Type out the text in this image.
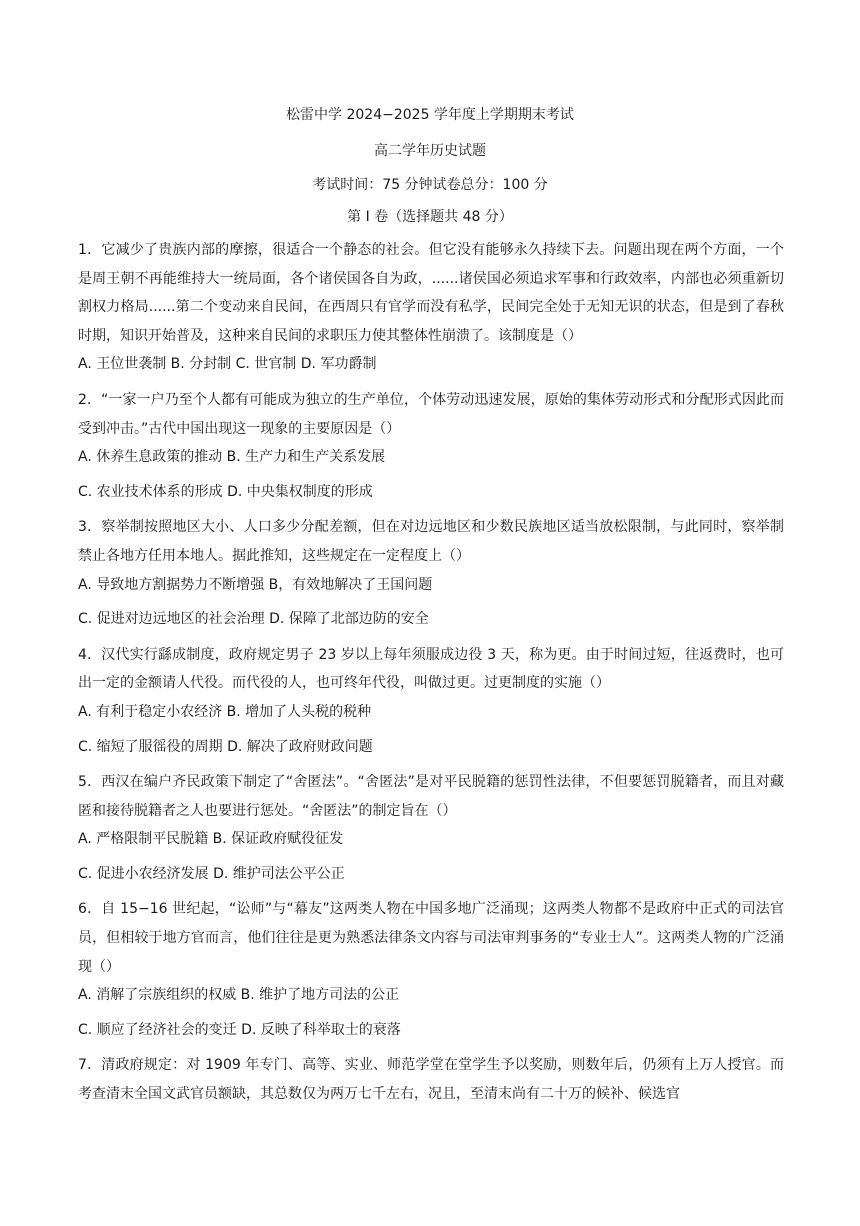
松雷中学 2024−2025 学年度上学期期末考试
高二学年历史试题
考试时间：75 分钟试卷总分：100 分
第 I 卷（选择题共 48 分）

1．它减少了贵族内部的摩擦，很适合一个静态的社会。但它没有能够永久持续下去。问题出现在两个方面，一个是周王朝不再能维持大一统局面，各个诸侯国各自为政，......诸侯国必须追求军事和行政效率，内部也必须重新切割权力格局......第二个变动来自民间，在西周只有官学而没有私学，民间完全处于无知无识的状态，但是到了春秋时期，知识开始普及，这种来自民间的求职压力使其整体性崩溃了。该制度是（）

A. 王位世袭制 B. 分封制 C. 世官制 D. 军功爵制

2．“一家一户乃至个人都有可能成为独立的生产单位，个体劳动迅速发展，原始的集体劳动形式和分配形式因此而受到冲击。”古代中国出现这一现象的主要原因是（）

A. 休养生息政策的推动 B. 生产力和生产关系发展

C. 农业技术体系的形成 D. 中央集权制度的形成

3．察举制按照地区大小、人口多少分配差额，但在对边远地区和少数民族地区适当放松限制，与此同时，察举制禁止各地方任用本地人。据此推知，这些规定在一定程度上（）

A. 导致地方割据势力不断增强 B，有效地解决了王国问题

C. 促进对边远地区的社会治理 D. 保障了北部边防的安全

4．汉代实行繇成制度，政府规定男子 23 岁以上每年须服成边役 3 天，称为更。由于时间过短，往返费时，也可出一定的金额请人代役。而代役的人，也可终年代役，叫做过更。过更制度的实施（）

A. 有利于稳定小农经济 B. 增加了人头税的税种

C. 缩短了服徭役的周期 D. 解决了政府财政问题

5．西汉在编户齐民政策下制定了“舍匿法”。“舍匿法”是对平民脱籍的惩罚性法律，不但要惩罚脱籍者，而且对藏匿和接待脱籍者之人也要进行惩处。“舍匿法”的制定旨在（）

A. 严格限制平民脱籍 B. 保证政府赋役征发

C. 促进小农经济发展 D. 维护司法公平公正

6．自 15−16 世纪起，“讼师”与“幕友”这两类人物在中国多地广泛涌现；这两类人物都不是政府中正式的司法官员，但相较于地方官而言，他们往往是更为熟悉法律条文内容与司法审判事务的“专业士人”。这两类人物的广泛涌现（）

A. 消解了宗族组织的权威 B. 维护了地方司法的公正

C. 顺应了经济社会的变迁 D. 反映了科举取士的衰落

7．清政府规定：对 1909 年专门、高等、实业、师范学堂在堂学生予以奖励，则数年后，仍须有上万人授官。而考查清末全国文武官员额缺，其总数仅为两万七千左右，况且，至清末尚有二十万的候补、候选官
